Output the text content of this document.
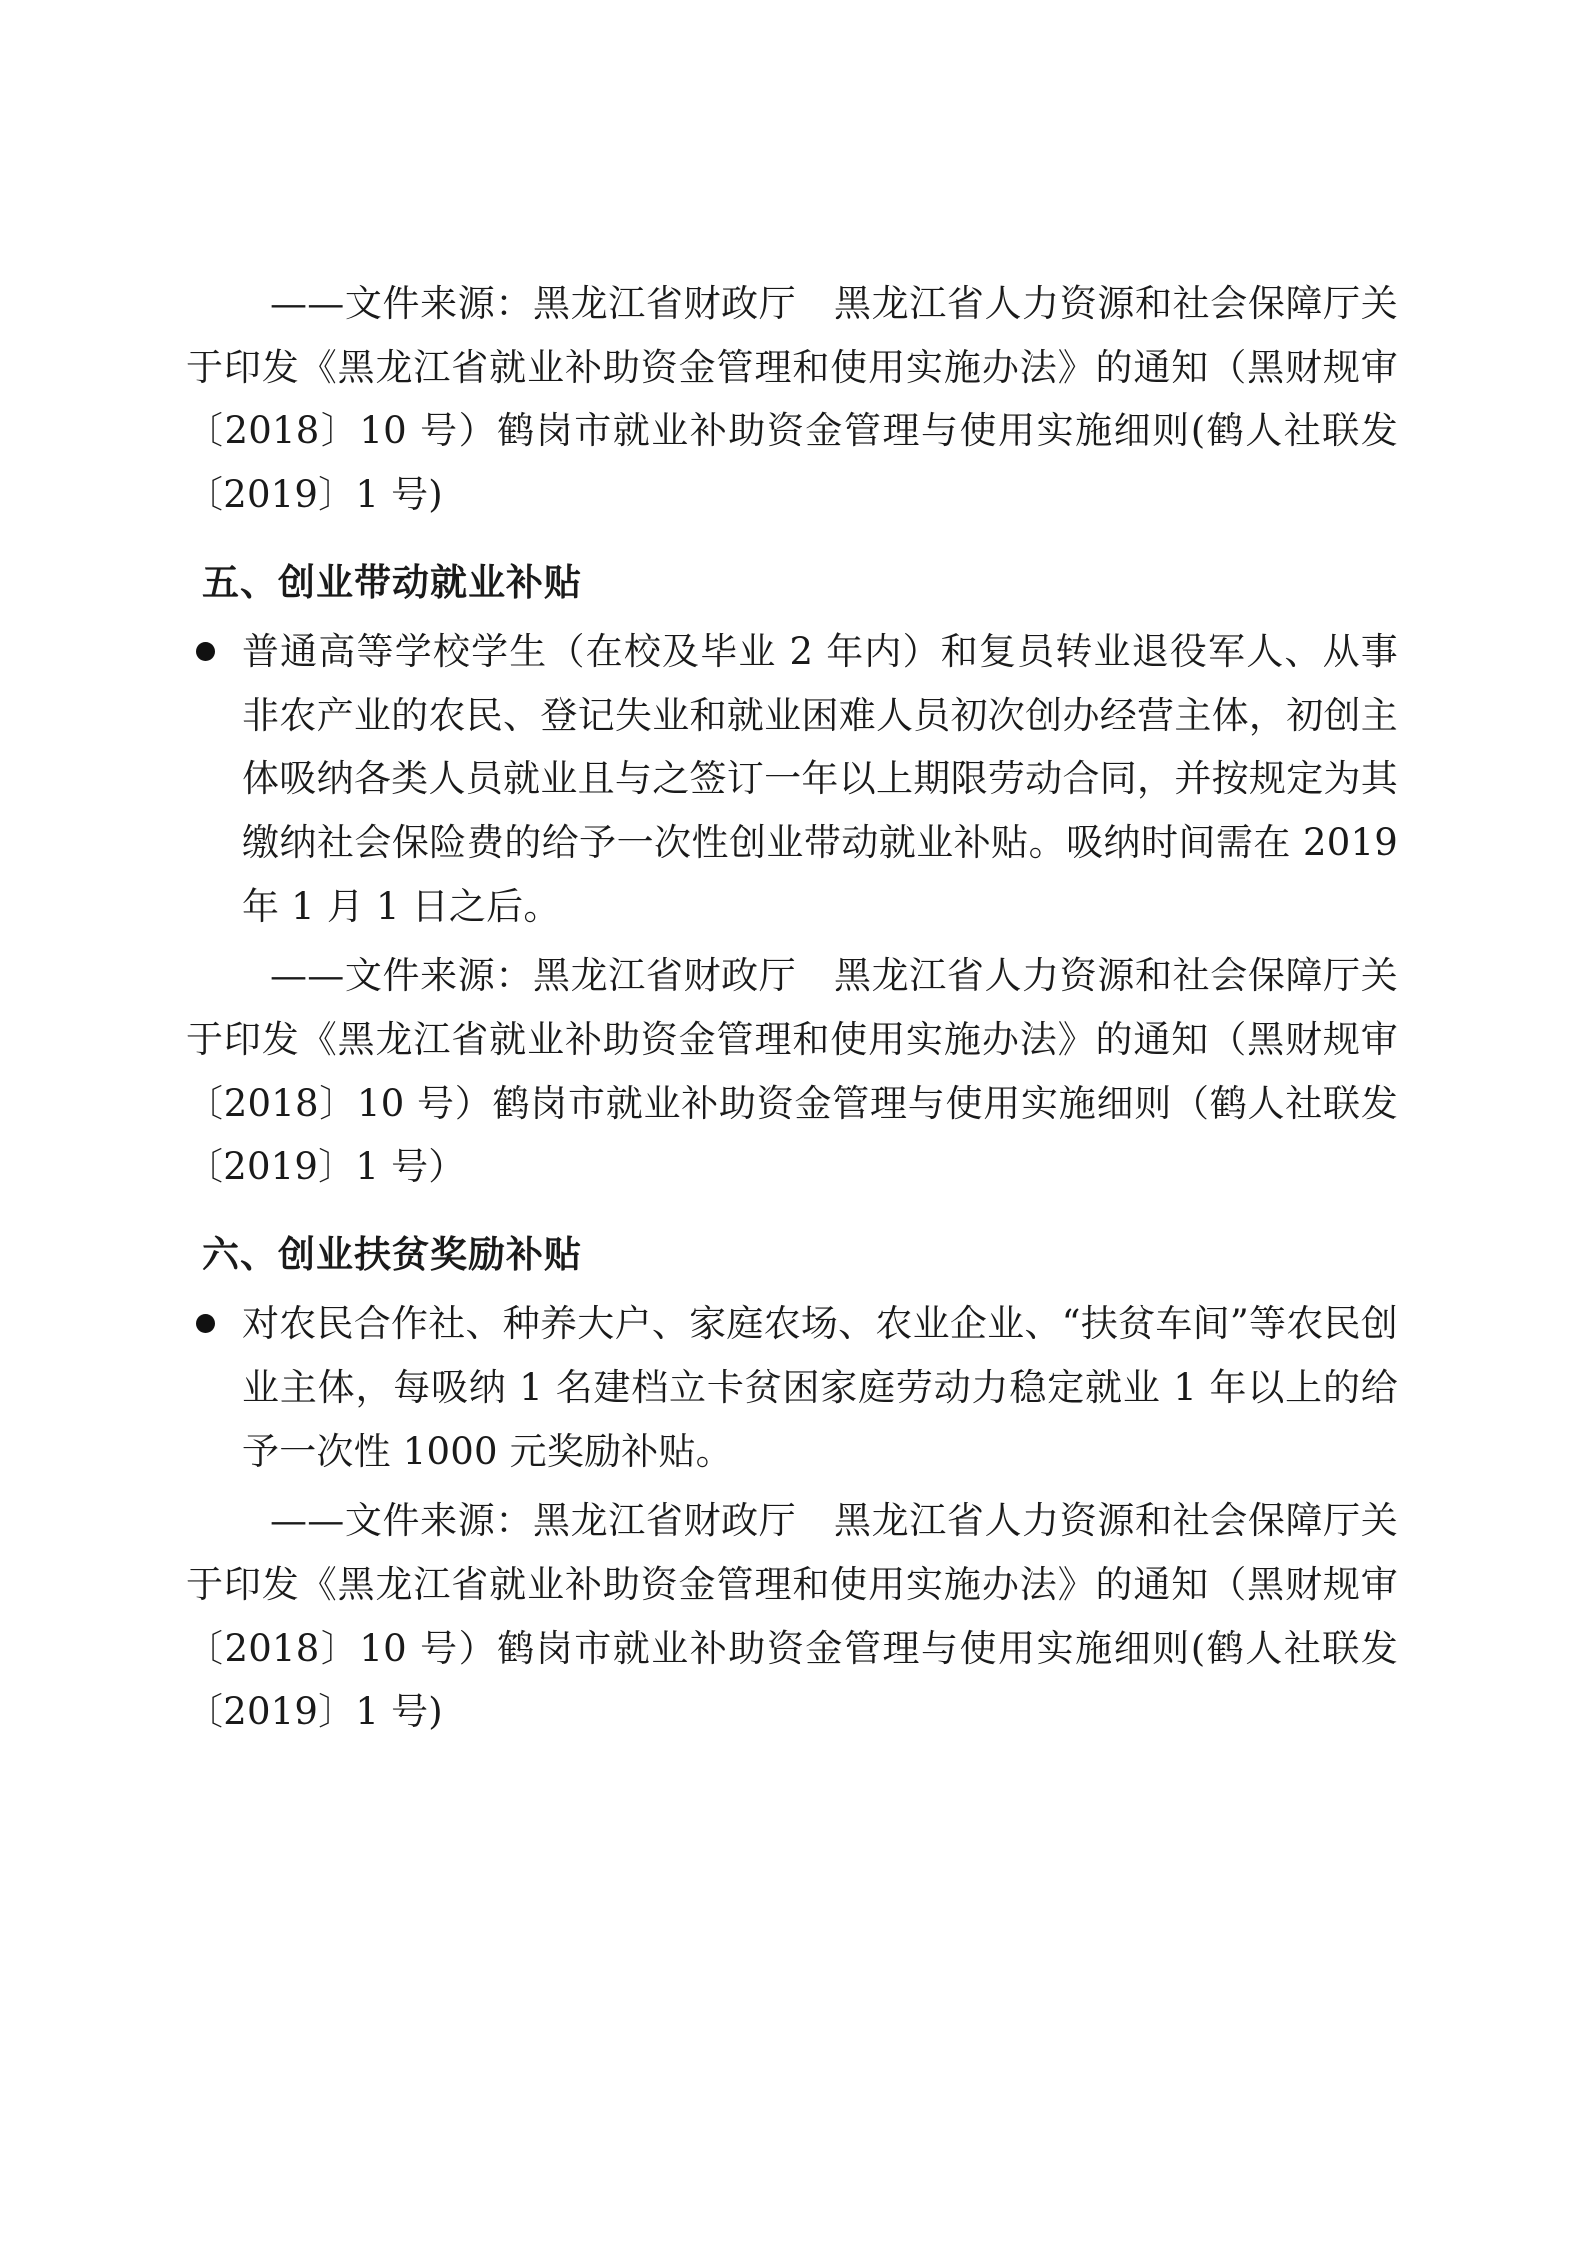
——文件来源：黑龙江省财政厅　黑龙江省人力资源和社会保障厅关于印发《黑龙江省就业补助资金管理和使用实施办法》的通知（黑财规审〔2018〕10 号）鹤岗市就业补助资金管理与使用实施细则(鹤人社联发〔2019〕1 号)
五、创业带动就业补贴
普通高等学校学生（在校及毕业 2 年内）和复员转业退役军人、从事非农产业的农民、登记失业和就业困难人员初次创办经营主体，初创主体吸纳各类人员就业且与之签订一年以上期限劳动合同，并按规定为其缴纳社会保险费的给予一次性创业带动就业补贴。吸纳时间需在 2019 年 1 月 1 日之后。
——文件来源：黑龙江省财政厅　黑龙江省人力资源和社会保障厅关于印发《黑龙江省就业补助资金管理和使用实施办法》的通知（黑财规审〔2018〕10 号）鹤岗市就业补助资金管理与使用实施细则（鹤人社联发〔2019〕1 号）
六、创业扶贫奖励补贴
对农民合作社、种养大户、家庭农场、农业企业、“扶贫车间”等农民创业主体，每吸纳 1 名建档立卡贫困家庭劳动力稳定就业 1 年以上的给予一次性 1000 元奖励补贴。
——文件来源：黑龙江省财政厅　黑龙江省人力资源和社会保障厅关于印发《黑龙江省就业补助资金管理和使用实施办法》的通知（黑财规审〔2018〕10 号）鹤岗市就业补助资金管理与使用实施细则(鹤人社联发〔2019〕1 号)
